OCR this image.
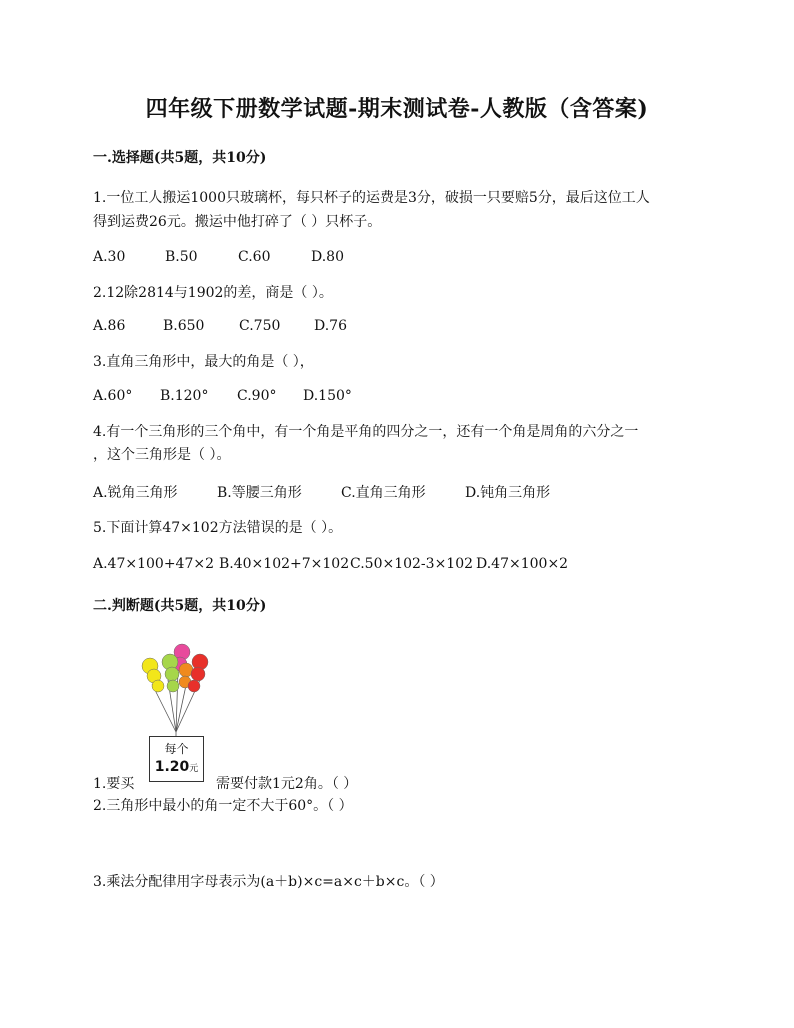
四年级下册数学试题-期末测试卷-人教版（含答案)
一.选择题(共5题，共10分)
1.一位工人搬运1000只玻璃杯，每只杯子的运费是3分，破损一只要赔5分，最后这位工人
得到运费26元。搬运中他打碎了（ ）只杯子。
A.30	B.50	C.60	D.80
2.12除2814与1902的差，商是（ ）。
A.86	B.650	C.750	D.76
3.直角三角形中，最大的角是（ ），
A.60°	B.120°	C.90°	D.150°
4.有一个三角形的三个角中，有一个角是平角的四分之一，还有一个角是周角的六分之一
，这个三角形是（ ）。
A.锐角三角形	B.等腰三角形	C.直角三角形	D.钝角三角形
5.下面计算47×102方法错误的是（ ）。
A.47×100+47×2 B.40×102+7×102 C.50×102-3×102 D.47×100×2
二.判断题(共5题，共10分)
每个
1.20元
1.要买	需要付款1元2角。（ ）
2.三角形中最小的角一定不大于60°。（ ）
3.乘法分配律用字母表示为(a＋b)×c=a×c＋b×c。（ ）
